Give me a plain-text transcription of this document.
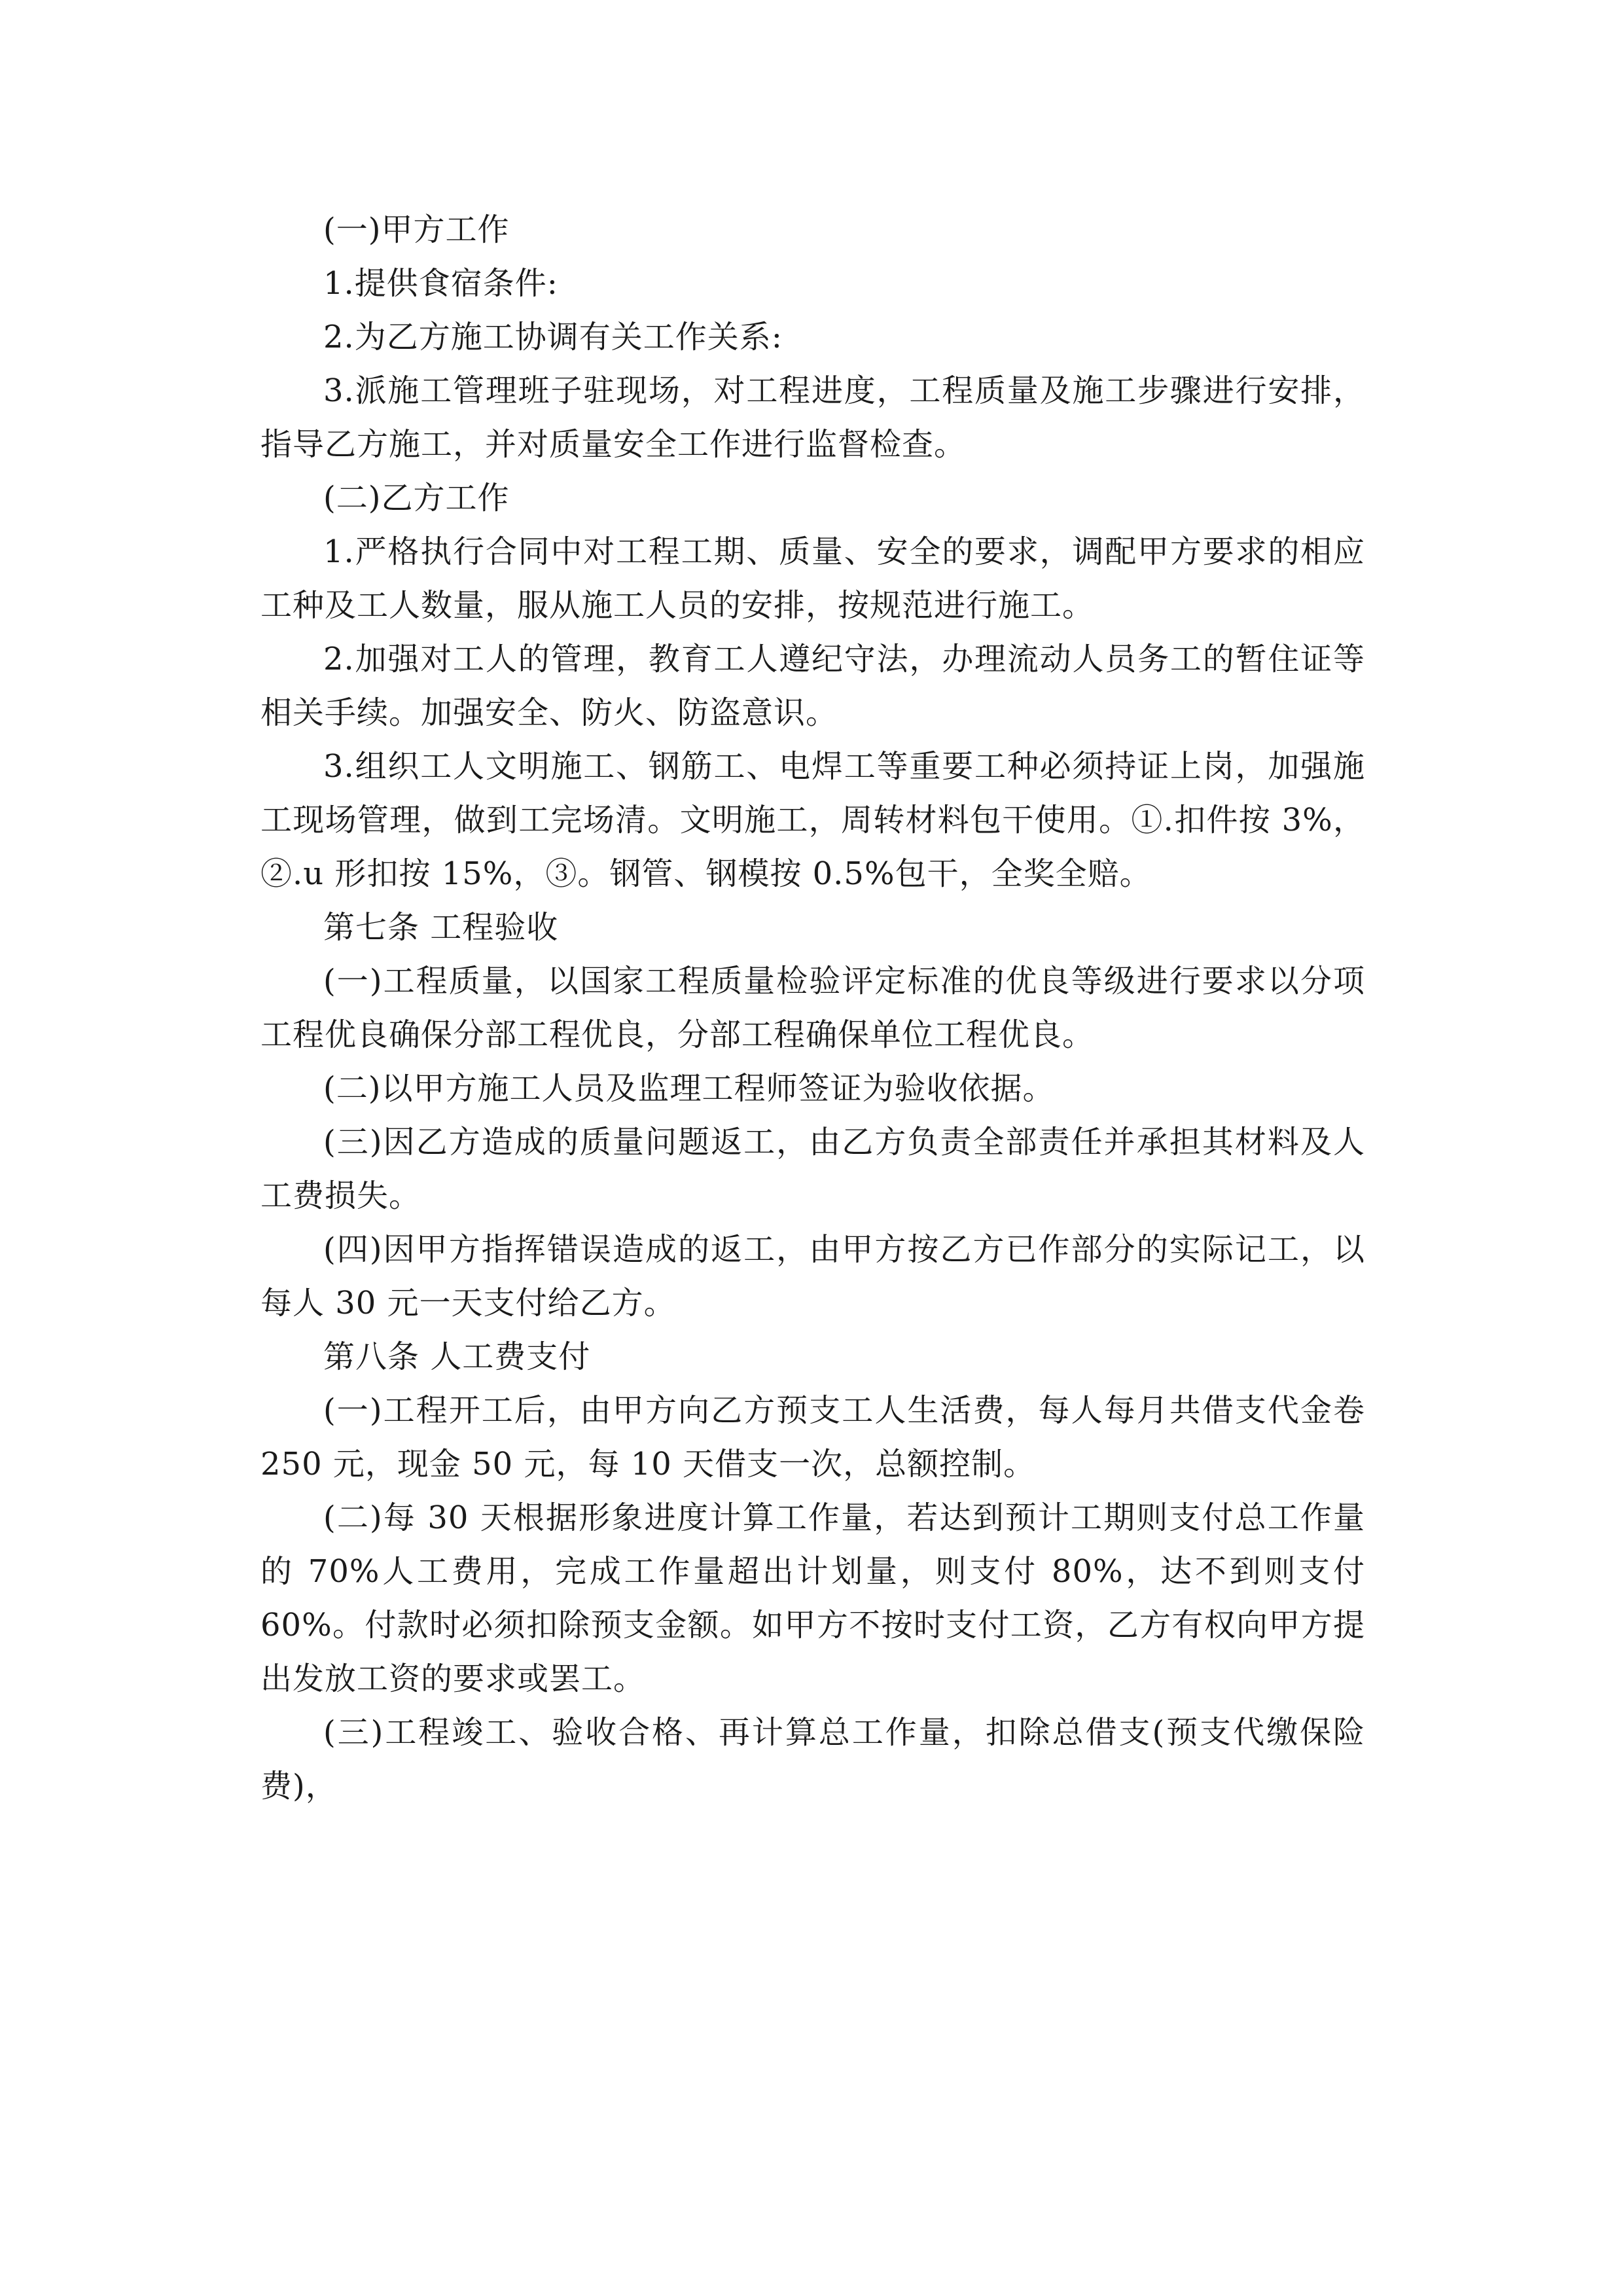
(一)甲方工作

1.提供食宿条件:

2.为乙方施工协调有关工作关系:

3.派施工管理班子驻现场，对工程进度，工程质量及施工步骤进行安排，指导乙方施工，并对质量安全工作进行监督检查。

(二)乙方工作

1.严格执行合同中对工程工期、质量、安全的要求，调配甲方要求的相应工种及工人数量，服从施工人员的安排，按规范进行施工。

2.加强对工人的管理，教育工人遵纪守法，办理流动人员务工的暂住证等相关手续。加强安全、防火、防盗意识。

3.组织工人文明施工、钢筋工、电焊工等重要工种必须持证上岗，加强施工现场管理，做到工完场清。文明施工，周转材料包干使用。①.扣件按 3%，②.u 形扣按 15%，③。钢管、钢模按 0.5%包干，全奖全赔。

第七条 工程验收

(一)工程质量，以国家工程质量检验评定标准的优良等级进行要求以分项工程优良确保分部工程优良，分部工程确保单位工程优良。

(二)以甲方施工人员及监理工程师签证为验收依据。

(三)因乙方造成的质量问题返工，由乙方负责全部责任并承担其材料及人工费损失。

(四)因甲方指挥错误造成的返工，由甲方按乙方已作部分的实际记工，以每人 30 元一天支付给乙方。

第八条 人工费支付

(一)工程开工后，由甲方向乙方预支工人生活费，每人每月共借支代金卷 250 元，现金 50 元，每 10 天借支一次，总额控制。

(二)每 30 天根据形象进度计算工作量，若达到预计工期则支付总工作量的 70%人工费用，完成工作量超出计划量，则支付 80%，达不到则支付 60%。付款时必须扣除预支金额。如甲方不按时支付工资，乙方有权向甲方提出发放工资的要求或罢工。

(三)工程竣工、验收合格、再计算总工作量，扣除总借支(预支代缴保险费)，
